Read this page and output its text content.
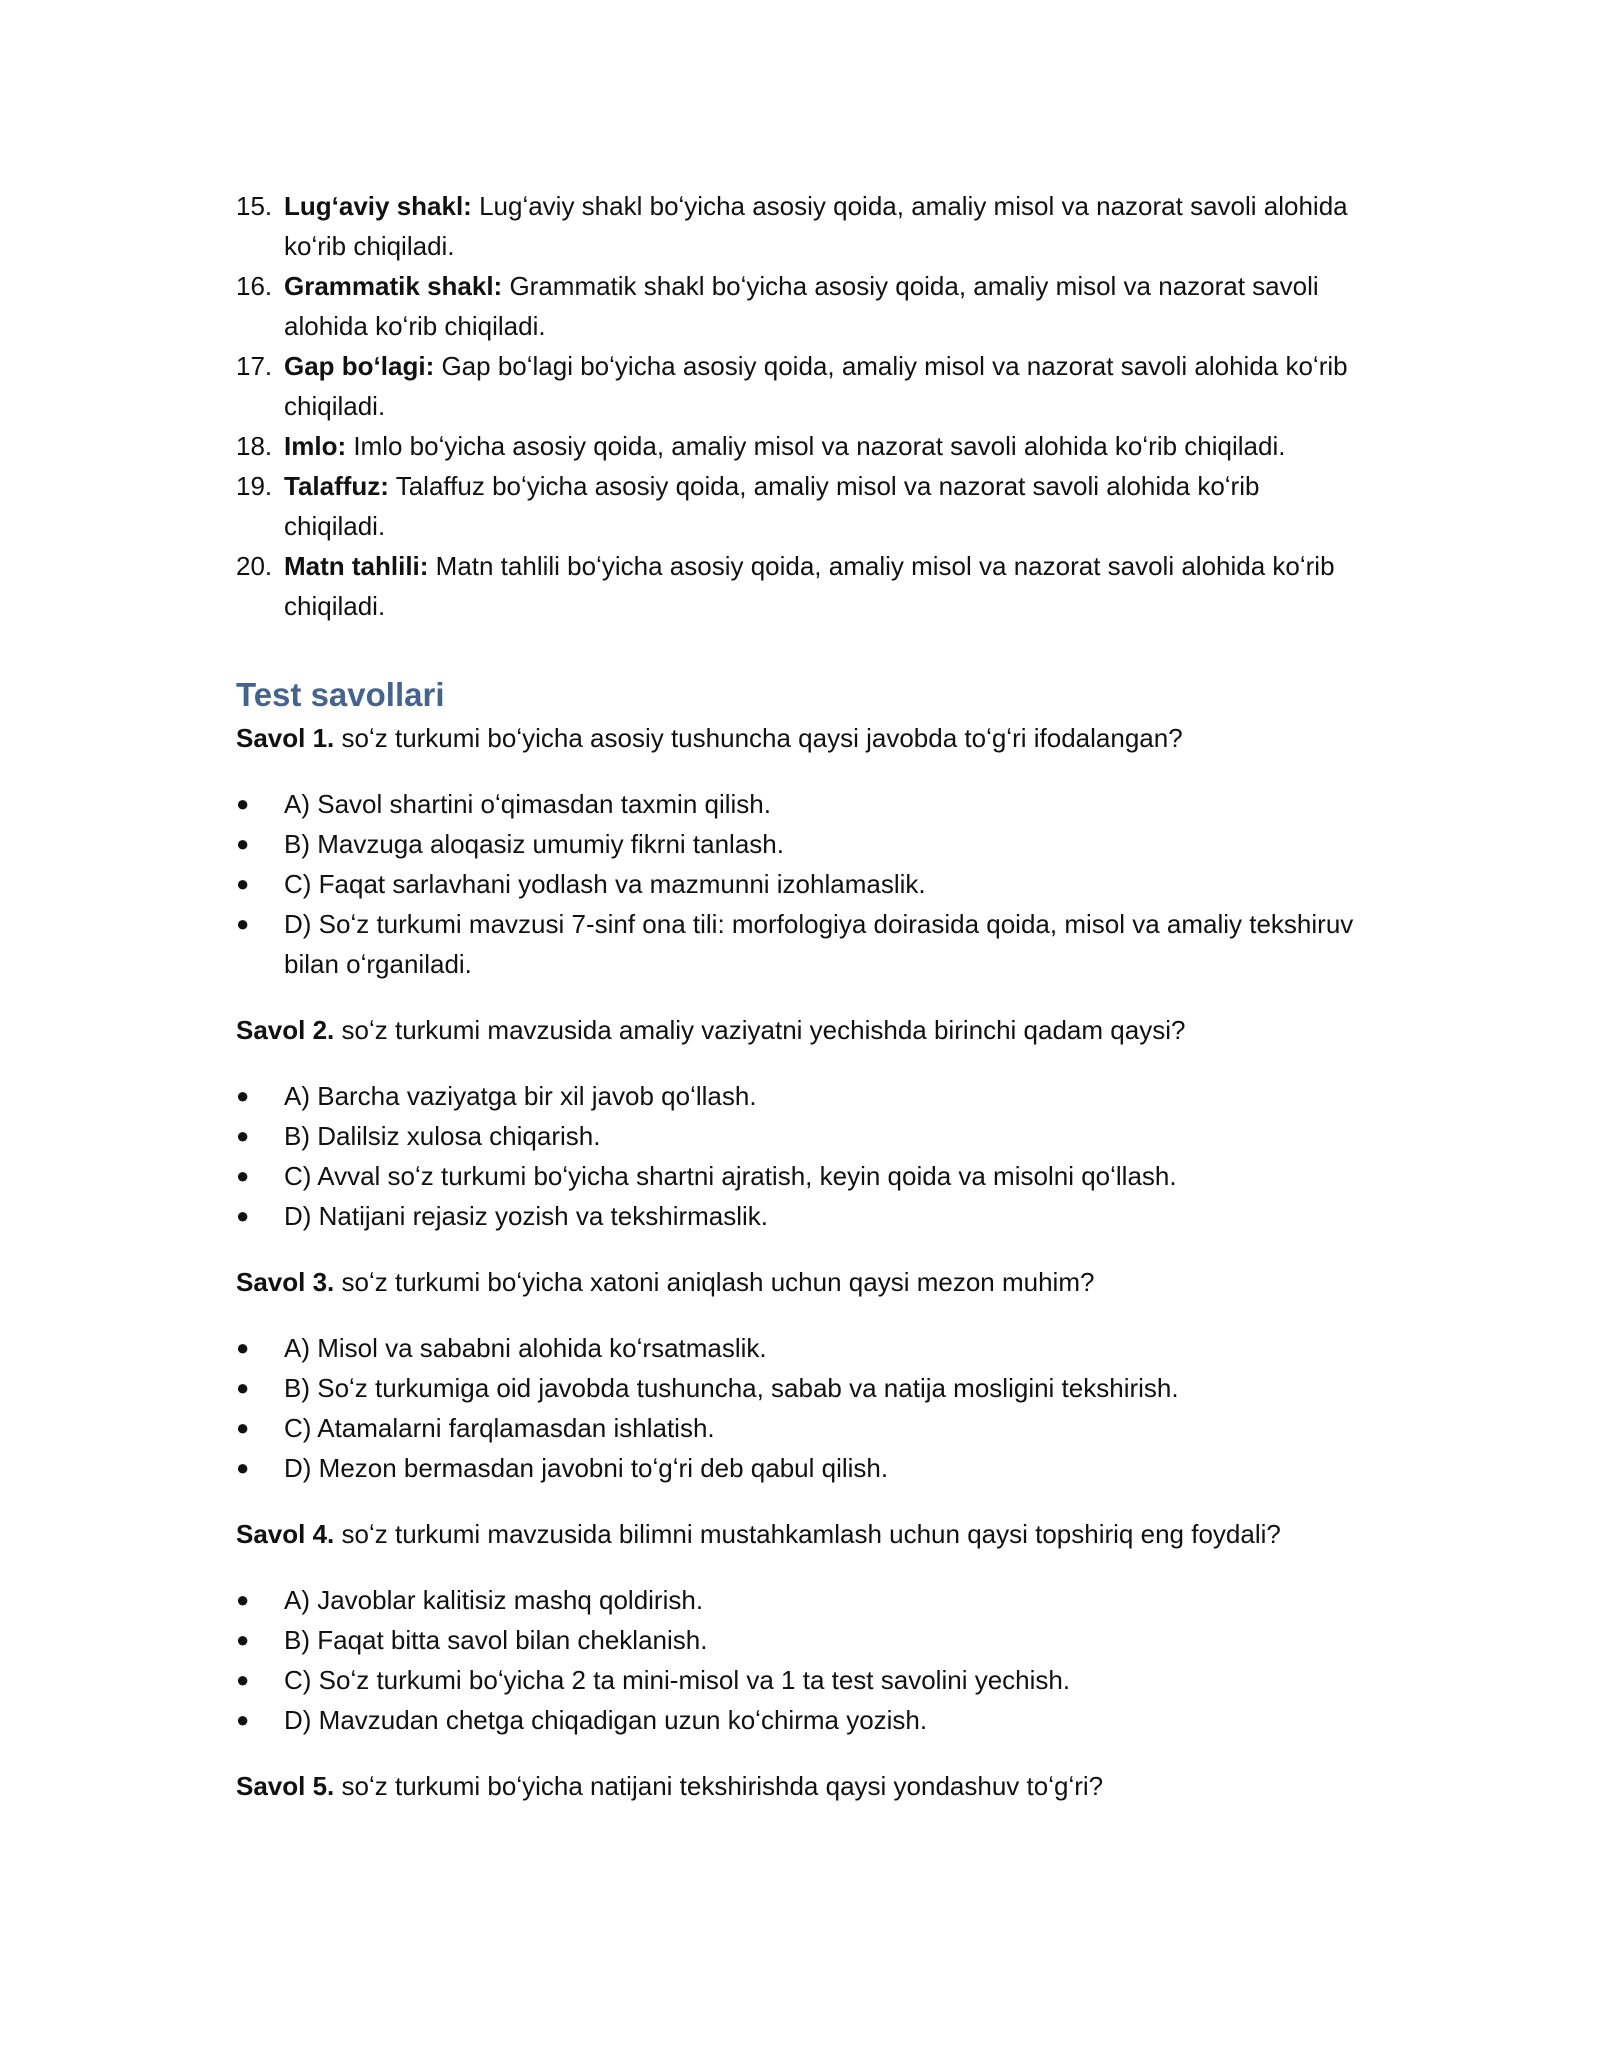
15. Lugʻaviy shakl: Lugʻaviy shakl boʻyicha asosiy qoida, amaliy misol va nazorat savoli alohida koʻrib chiqiladi.
16. Grammatik shakl: Grammatik shakl boʻyicha asosiy qoida, amaliy misol va nazorat savoli alohida koʻrib chiqiladi.
17. Gap boʻlagi: Gap boʻlagi boʻyicha asosiy qoida, amaliy misol va nazorat savoli alohida koʻrib chiqiladi.
18. Imlo: Imlo boʻyicha asosiy qoida, amaliy misol va nazorat savoli alohida koʻrib chiqiladi.
19. Talaffuz: Talaffuz boʻyicha asosiy qoida, amaliy misol va nazorat savoli alohida koʻrib chiqiladi.
20. Matn tahlili: Matn tahlili boʻyicha asosiy qoida, amaliy misol va nazorat savoli alohida koʻrib chiqiladi.
Test savollari

Savol 1. soʻz turkumi boʻyicha asosiy tushuncha qaysi javobda toʻgʻri ifodalangan?

● A) Savol shartini oʻqimasdan taxmin qilish.
● B) Mavzuga aloqasiz umumiy fikrni tanlash.
● C) Faqat sarlavhani yodlash va mazmunni izohlamaslik.
● D) Soʻz turkumi mavzusi 7-sinf ona tili: morfologiya doirasida qoida, misol va amaliy tekshiruv bilan oʻrganiladi.

Savol 2. soʻz turkumi mavzusida amaliy vaziyatni yechishda birinchi qadam qaysi?

● A) Barcha vaziyatga bir xil javob qoʻllash.
● B) Dalilsiz xulosa chiqarish.
● C) Avval soʻz turkumi boʻyicha shartni ajratish, keyin qoida va misolni qoʻllash.
● D) Natijani rejasiz yozish va tekshirmaslik.

Savol 3. soʻz turkumi boʻyicha xatoni aniqlash uchun qaysi mezon muhim?

● A) Misol va sababni alohida koʻrsatmaslik.
● B) Soʻz turkumiga oid javobda tushuncha, sabab va natija mosligini tekshirish.
● C) Atamalarni farqlamasdan ishlatish.
● D) Mezon bermasdan javobni toʻgʻri deb qabul qilish.

Savol 4. soʻz turkumi mavzusida bilimni mustahkamlash uchun qaysi topshiriq eng foydali?

● A) Javoblar kalitisiz mashq qoldirish.
● B) Faqat bitta savol bilan cheklanish.
● C) Soʻz turkumi boʻyicha 2 ta mini-misol va 1 ta test savolini yechish.
● D) Mavzudan chetga chiqadigan uzun koʻchirma yozish.

Savol 5. soʻz turkumi boʻyicha natijani tekshirishda qaysi yondashuv toʻgʻri?
